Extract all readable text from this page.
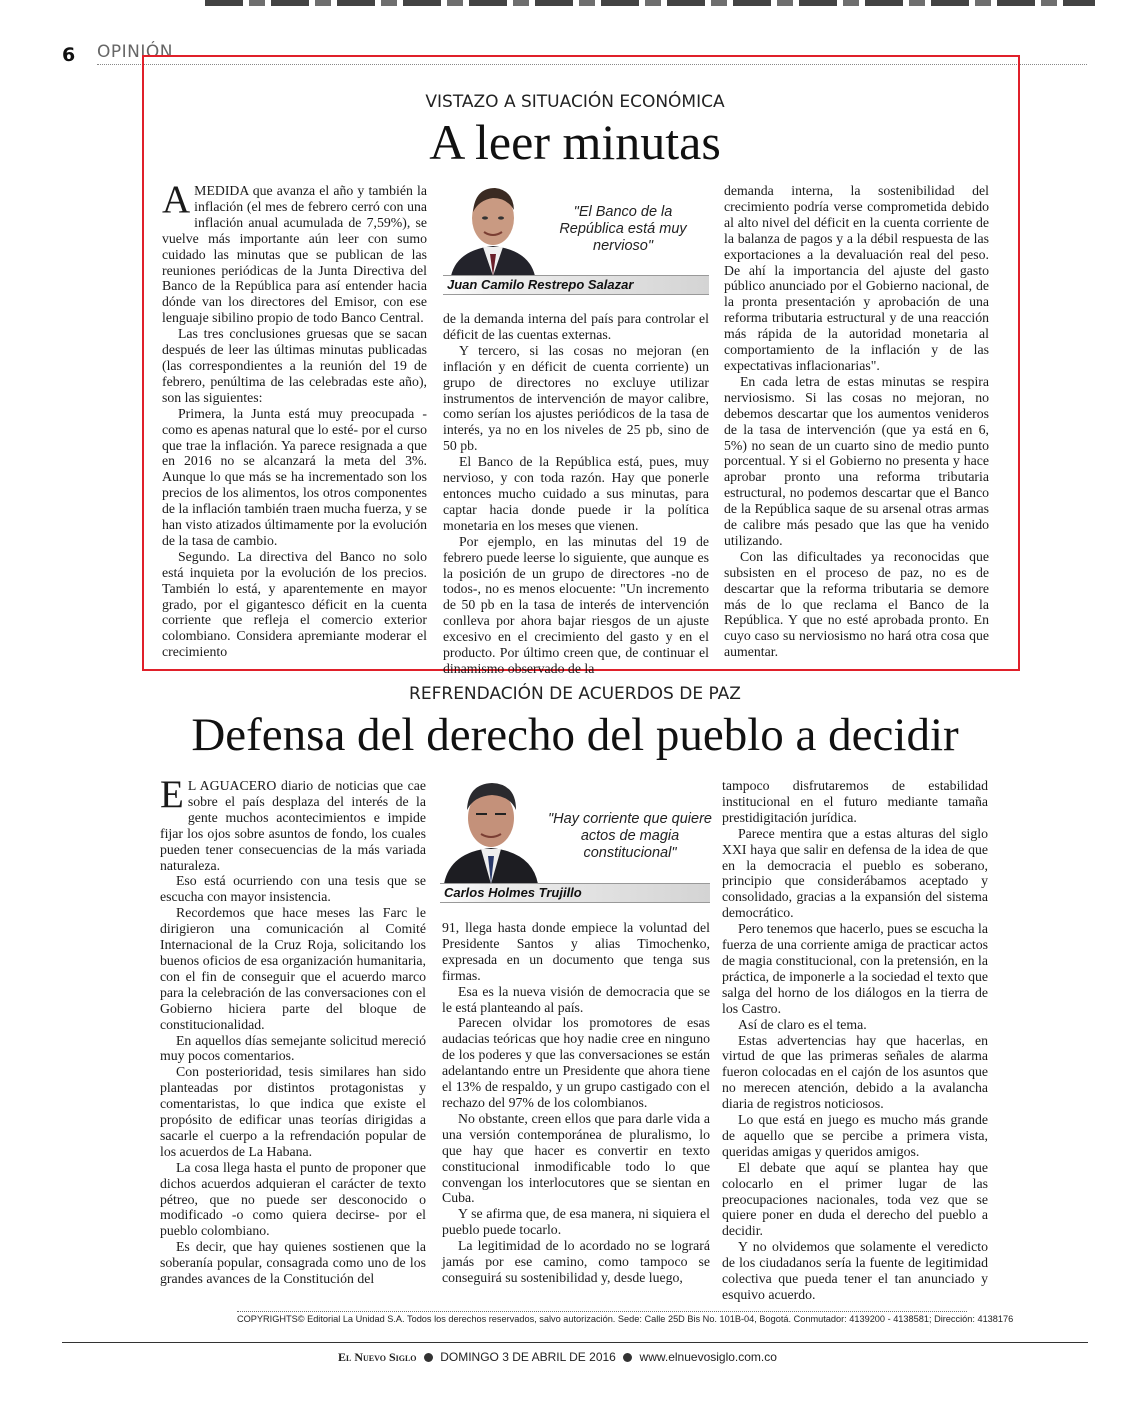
6 OPINIÓN
VISTAZO A SITUACIÓN ECONÓMICA
A leer minutas

AMEDIDA que avanza el año y también la inflación (el mes de febrero cerró con una inflación anual acumulada de 7,59%), se vuelve más importante aún leer con sumo cuidado las minutas que se publican de las reuniones periódicas de la Junta Directiva del Banco de la República para así entender hacia dónde van los directores del Emisor, con ese lenguaje sibilino propio de todo Banco Central.

Las tres conclusiones gruesas que se sacan después de leer las últimas minutas publicadas (las correspondientes a la reunión del 19 de febrero, penúltima de las celebradas este año), son las siguientes:

Primera, la Junta está muy preocupada -como es apenas natural que lo esté- por el curso que trae la inflación. Ya parece resignada a que en 2016 no se alcanzará la meta del 3%. Aunque lo que más se ha incrementado son los precios de los alimentos, los otros componentes de la inflación también traen mucha fuerza, y se han visto atizados últimamente por la evolución de la tasa de cambio.

Segundo. La directiva del Banco no solo está inquieta por la evolución de los precios. También lo está, y aparentemente en mayor grado, por el gigantesco déficit en la cuenta corriente que refleja el comercio exterior colombiano. Considera apremiante moderar el crecimiento

"El Banco de la República está muy nervioso"
Juan Camilo Restrepo Salazar

de la demanda interna del país para controlar el déficit de las cuentas externas.

Y tercero, si las cosas no mejoran (en inflación y en déficit de cuenta corriente) un grupo de directores no excluye utilizar instrumentos de intervención de mayor calibre, como serían los ajustes periódicos de la tasa de interés, ya no en los niveles de 25 pb, sino de 50 pb.

El Banco de la República está, pues, muy nervioso, y con toda razón. Hay que ponerle entonces mucho cuidado a sus minutas, para captar hacia donde puede ir la política monetaria en los meses que vienen.

Por ejemplo, en las minutas del 19 de febrero puede leerse lo siguiente, que aunque es la posición de un grupo de directores -no de todos-, no es menos elocuente: "Un incremento de 50 pb en la tasa de interés de intervención conlleva por ahora bajar riesgos de un ajuste excesivo en el crecimiento del gasto y en el producto. Por último creen que, de continuar el dinamismo observado de la

demanda interna, la sostenibilidad del crecimiento podría verse comprometida debido al alto nivel del déficit en la cuenta corriente de la balanza de pagos y a la débil respuesta de las exportaciones a la devaluación real del peso. De ahí la importancia del ajuste del gasto público anunciado por el Gobierno nacional, de la pronta presentación y aprobación de una reforma tributaria estructural y de una reacción más rápida de la autoridad monetaria al comportamiento de la inflación y de las expectativas inflacionarias".

En cada letra de estas minutas se respira nerviosismo. Si las cosas no mejoran, no debemos descartar que los aumentos venideros de la tasa de intervención (que ya está en 6, 5%) no sean de un cuarto sino de medio punto porcentual. Y si el Gobierno no presenta y hace aprobar pronto una reforma tributaria estructural, no podemos descartar que el Banco de la República saque de su arsenal otras armas de calibre más pesado que las que ha venido utilizando.

Con las dificultades ya reconocidas que subsisten en el proceso de paz, no es de descartar que la reforma tributaria se demore más de lo que reclama el Banco de la República. Y que no esté aprobada pronto. En cuyo caso su nerviosismo no hará otra cosa que aumentar.

REFRENDACIÓN DE ACUERDOS DE PAZ
Defensa del derecho del pueblo a decidir

E L AGUACERO diario de noticias que cae sobre el país desplaza del interés de la gente muchos acontecimientos e impide fijar los ojos sobre asuntos de fondo, los cuales pueden tener consecuencias de la más variada naturaleza.

Eso está ocurriendo con una tesis que se escucha con mayor insistencia.

Recordemos que hace meses las Farc le dirigieron una comunicación al Comité Internacional de la Cruz Roja, solicitando los buenos oficios de esa organización humanitaria, con el fin de conseguir que el acuerdo marco para la celebración de las conversaciones con el Gobierno hiciera parte del bloque de constitucionalidad.

En aquellos días semejante solicitud mereció muy pocos comentarios.

Con posterioridad, tesis similares han sido planteadas por distintos protagonistas y comentaristas, lo que indica que existe el propósito de edificar unas teorías dirigidas a sacarle el cuerpo a la refrendación popular de los acuerdos de La Habana.

La cosa llega hasta el punto de proponer que dichos acuerdos adquieran el carácter de texto pétreo, que no puede ser desconocido o modificado -o como quiera decirse- por el pueblo colombiano.

Es decir, que hay quienes sostienen que la soberanía popular, consagrada como uno de los grandes avances de la Constitución del

"Hay corriente que quiere actos de magia constitucional"
Carlos Holmes Trujillo

91, llega hasta donde empiece la voluntad del Presidente Santos y alias Timochenko, expresada en un documento que tenga sus firmas.

Esa es la nueva visión de democracia que se le está planteando al país.

Parecen olvidar los promotores de esas audacias teóricas que hoy nadie cree en ninguno de los poderes y que las conversaciones se están adelantando entre un Presidente que ahora tiene el 13% de respaldo, y un grupo castigado con el rechazo del 97% de los colombianos.

No obstante, creen ellos que para darle vida a una versión contemporánea de pluralismo, lo que hay que hacer es convertir en texto constitucional inmodificable todo lo que convengan los interlocutores que se sientan en Cuba.

Y se afirma que, de esa manera, ni siquiera el pueblo puede tocarlo.

La legitimidad de lo acordado no se logrará jamás por ese camino, como tampoco se conseguirá su sostenibilidad y, desde luego,

tampoco disfrutaremos de estabilidad institucional en el futuro mediante tamaña prestidigitación jurídica.

Parece mentira que a estas alturas del siglo XXI haya que salir en defensa de la idea de que en la democracia el pueblo es soberano, principio que considerábamos aceptado y consolidado, gracias a la expansión del sistema democrático.

Pero tenemos que hacerlo, pues se escucha la fuerza de una corriente amiga de practicar actos de magia constitucional, con la pretensión, en la práctica, de imponerle a la sociedad el texto que salga del horno de los diálogos en la tierra de los Castro.

Así de claro es el tema.

Estas advertencias hay que hacerlas, en virtud de que las primeras señales de alarma fueron colocadas en el cajón de los asuntos que no merecen atención, debido a la avalancha diaria de registros noticiosos.

Lo que está en juego es mucho más grande de aquello que se percibe a primera vista, queridas amigas y queridos amigos.

El debate que aquí se plantea hay que colocarlo en el primer lugar de las preocupaciones nacionales, toda vez que se quiere poner en duda el derecho del pueblo a decidir.

Y no olvidemos que solamente el veredicto de los ciudadanos sería la fuente de legitimidad colectiva que pueda tener el tan anunciado y esquivo acuerdo.

COPYRIGHTS© Editorial La Unidad S.A. Todos los derechos reservados, salvo autorización. Sede: Calle 25D Bis No. 101B-04, Bogotá. Conmutador: 4139200 - 4138581; Dirección: 4138176
El Nuevo Siglo DOMINGO 3 DE ABRIL DE 2016 www.elnuevosiglo.com.co
